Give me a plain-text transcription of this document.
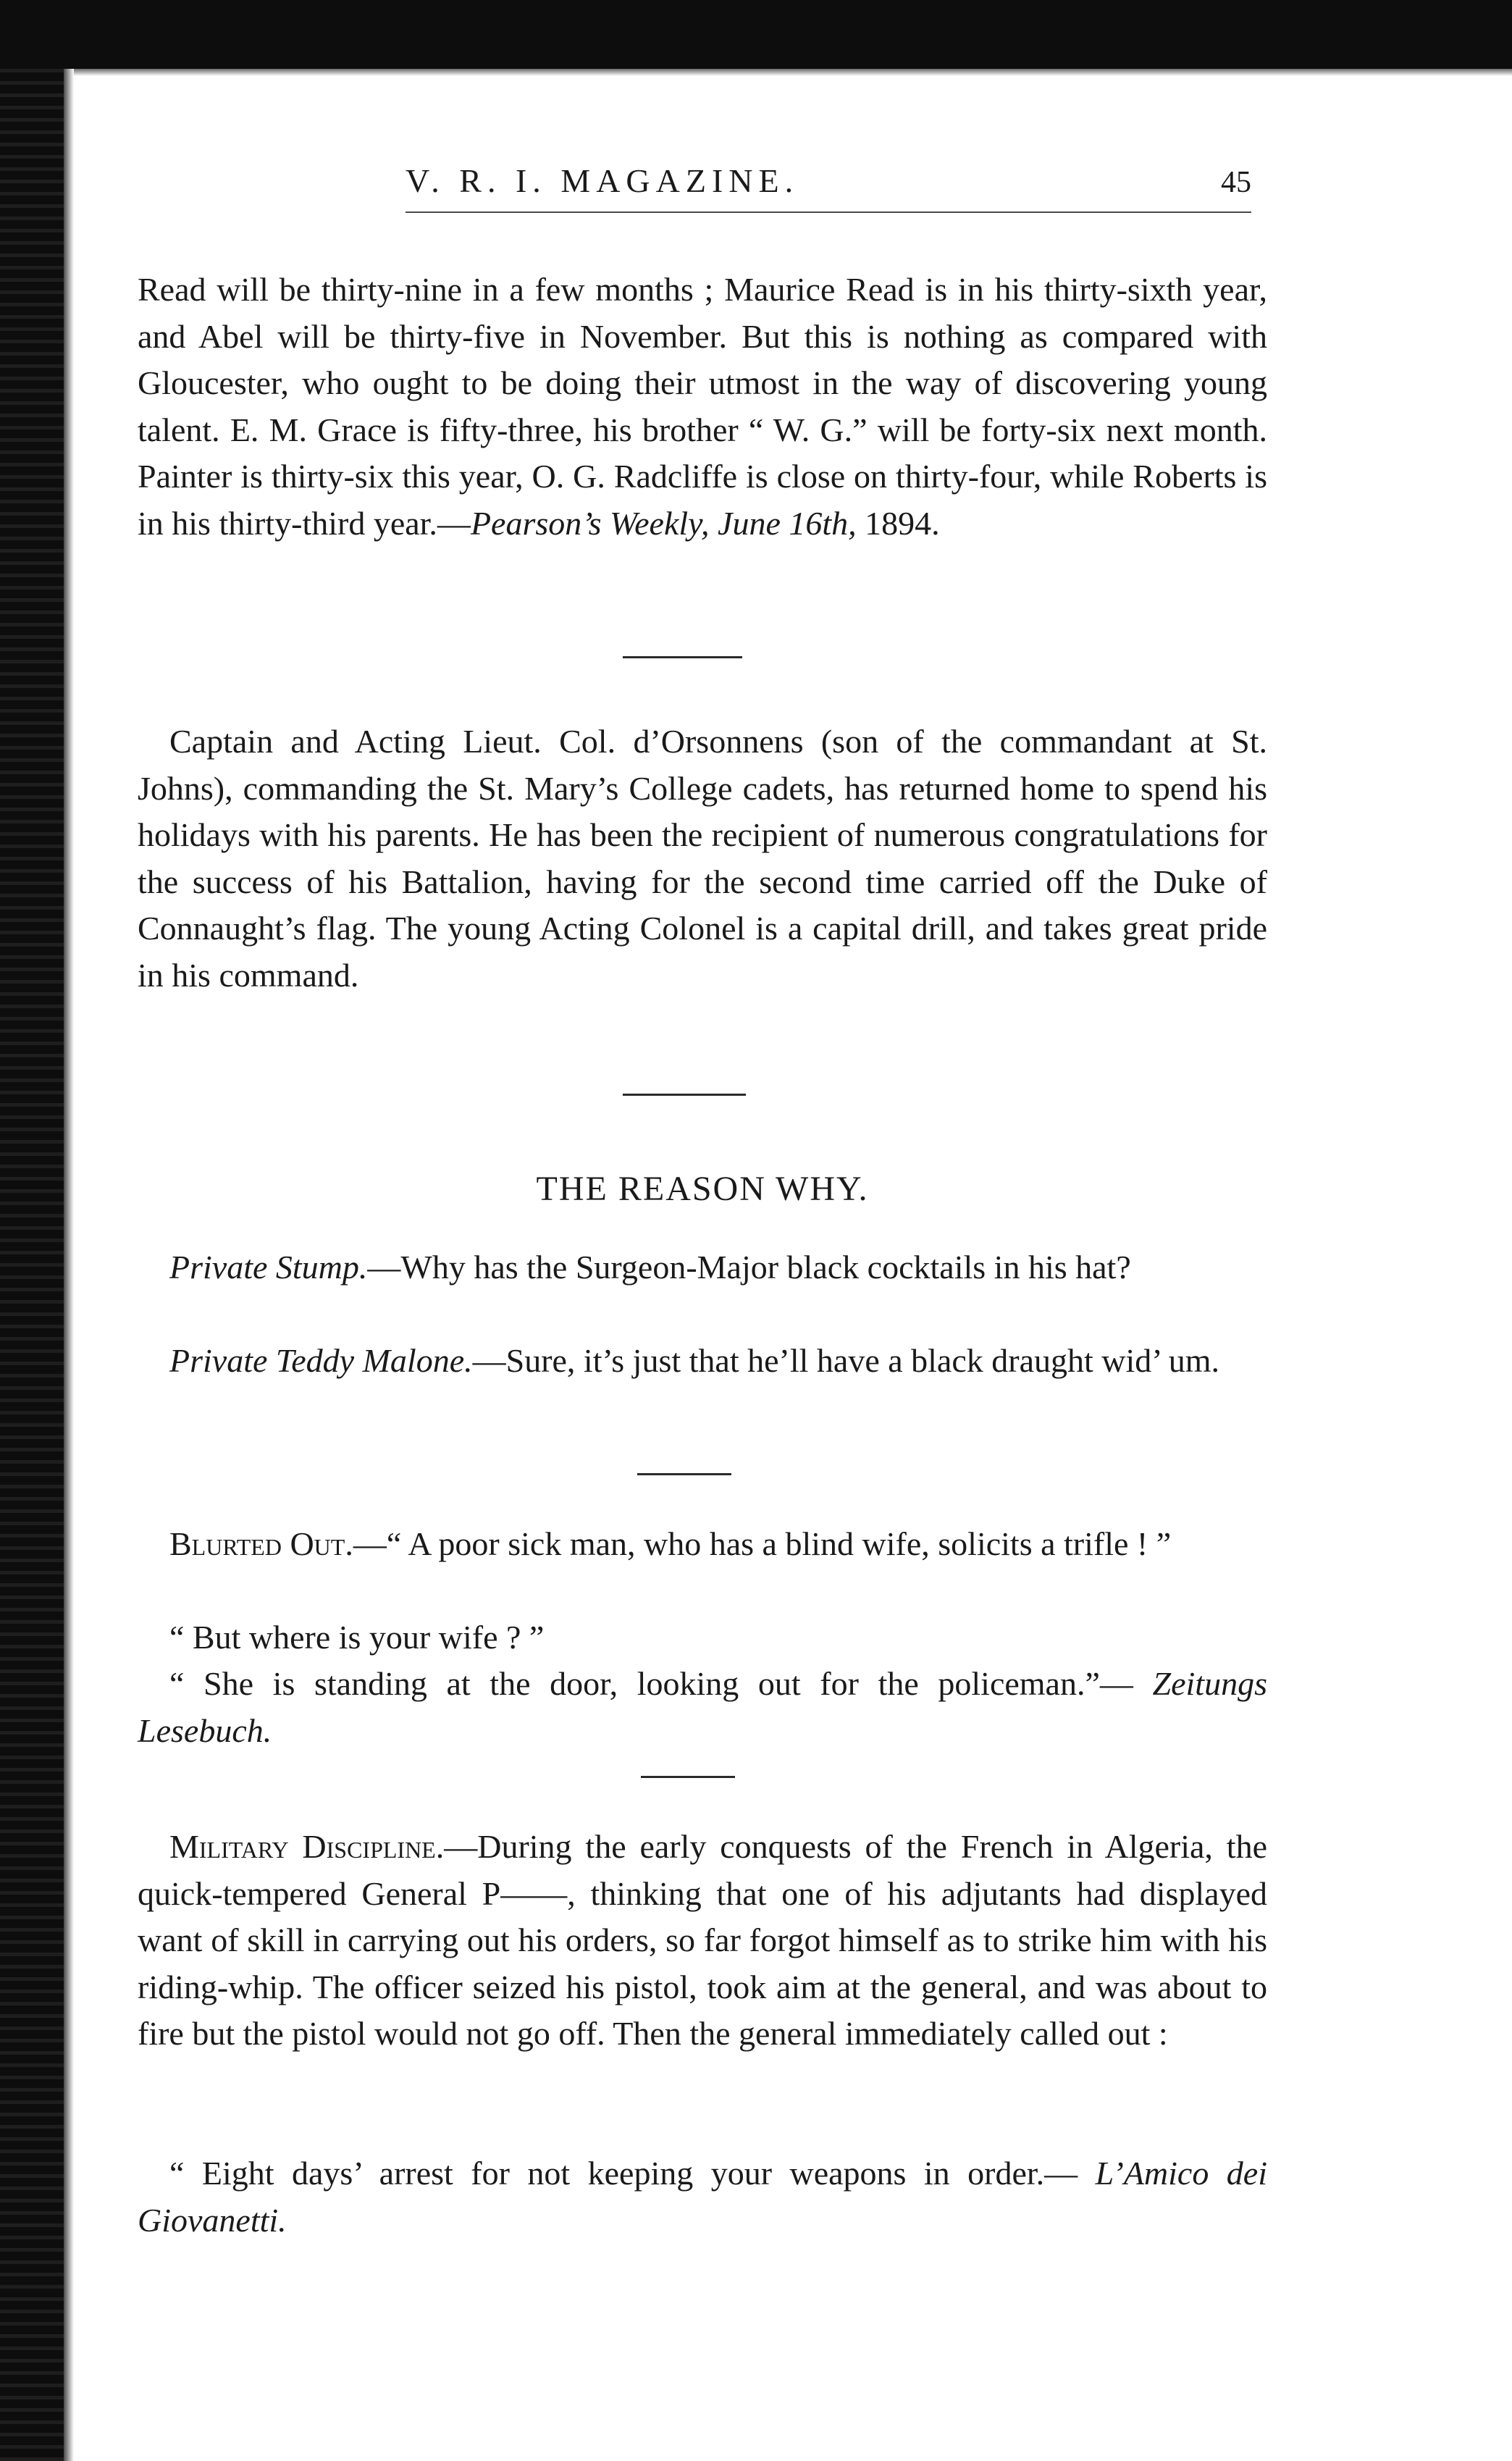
V. R. I. MAGAZINE.	45

Read will be thirty-nine in a few months ; Maurice Read is in his thirty-sixth year, and Abel will be thirty-five in November. But this is nothing as compared with Gloucester, who ought to be doing their utmost in the way of discovering young talent. E. M. Grace is fifty-three, his brother “ W. G.” will be forty-six next month. Painter is thirty-six this year, O. G. Radcliffe is close on thirty-four, while Roberts is in his thirty-third year.—Pearson’s Weekly, June 16th, 1894.

Captain and Acting Lieut. Col. d’Orsonnens (son of the commandant at St. Johns), commanding the St. Mary’s College cadets, has returned home to spend his holidays with his parents. He has been the recipient of numerous congratulations for the success of his Battalion, having for the second time carried off the Duke of Connaught’s flag. The young Acting Colonel is a capital drill, and takes great pride in his command.

THE REASON WHY.

Private Stump.—Why has the Surgeon-Major black cocktails in his hat?

Private Teddy Malone.—Sure, it’s just that he’ll have a black draught wid’ um.

Blurted Out.—“ A poor sick man, who has a blind wife, solicits a trifle ! ”

“ But where is your wife ? ”

“ She is standing at the door, looking out for the policeman.”— Zeitungs Lesebuch.

Military Discipline.—During the early conquests of the French in Algeria, the quick-tempered General P——, thinking that one of his adjutants had displayed want of skill in carrying out his orders, so far forgot himself as to strike him with his riding-whip. The officer seized his pistol, took aim at the general, and was about to fire but the pistol would not go off. Then the general immediately called out :

“ Eight days’ arrest for not keeping your weapons in order.— L’Amico dei Giovanetti.
